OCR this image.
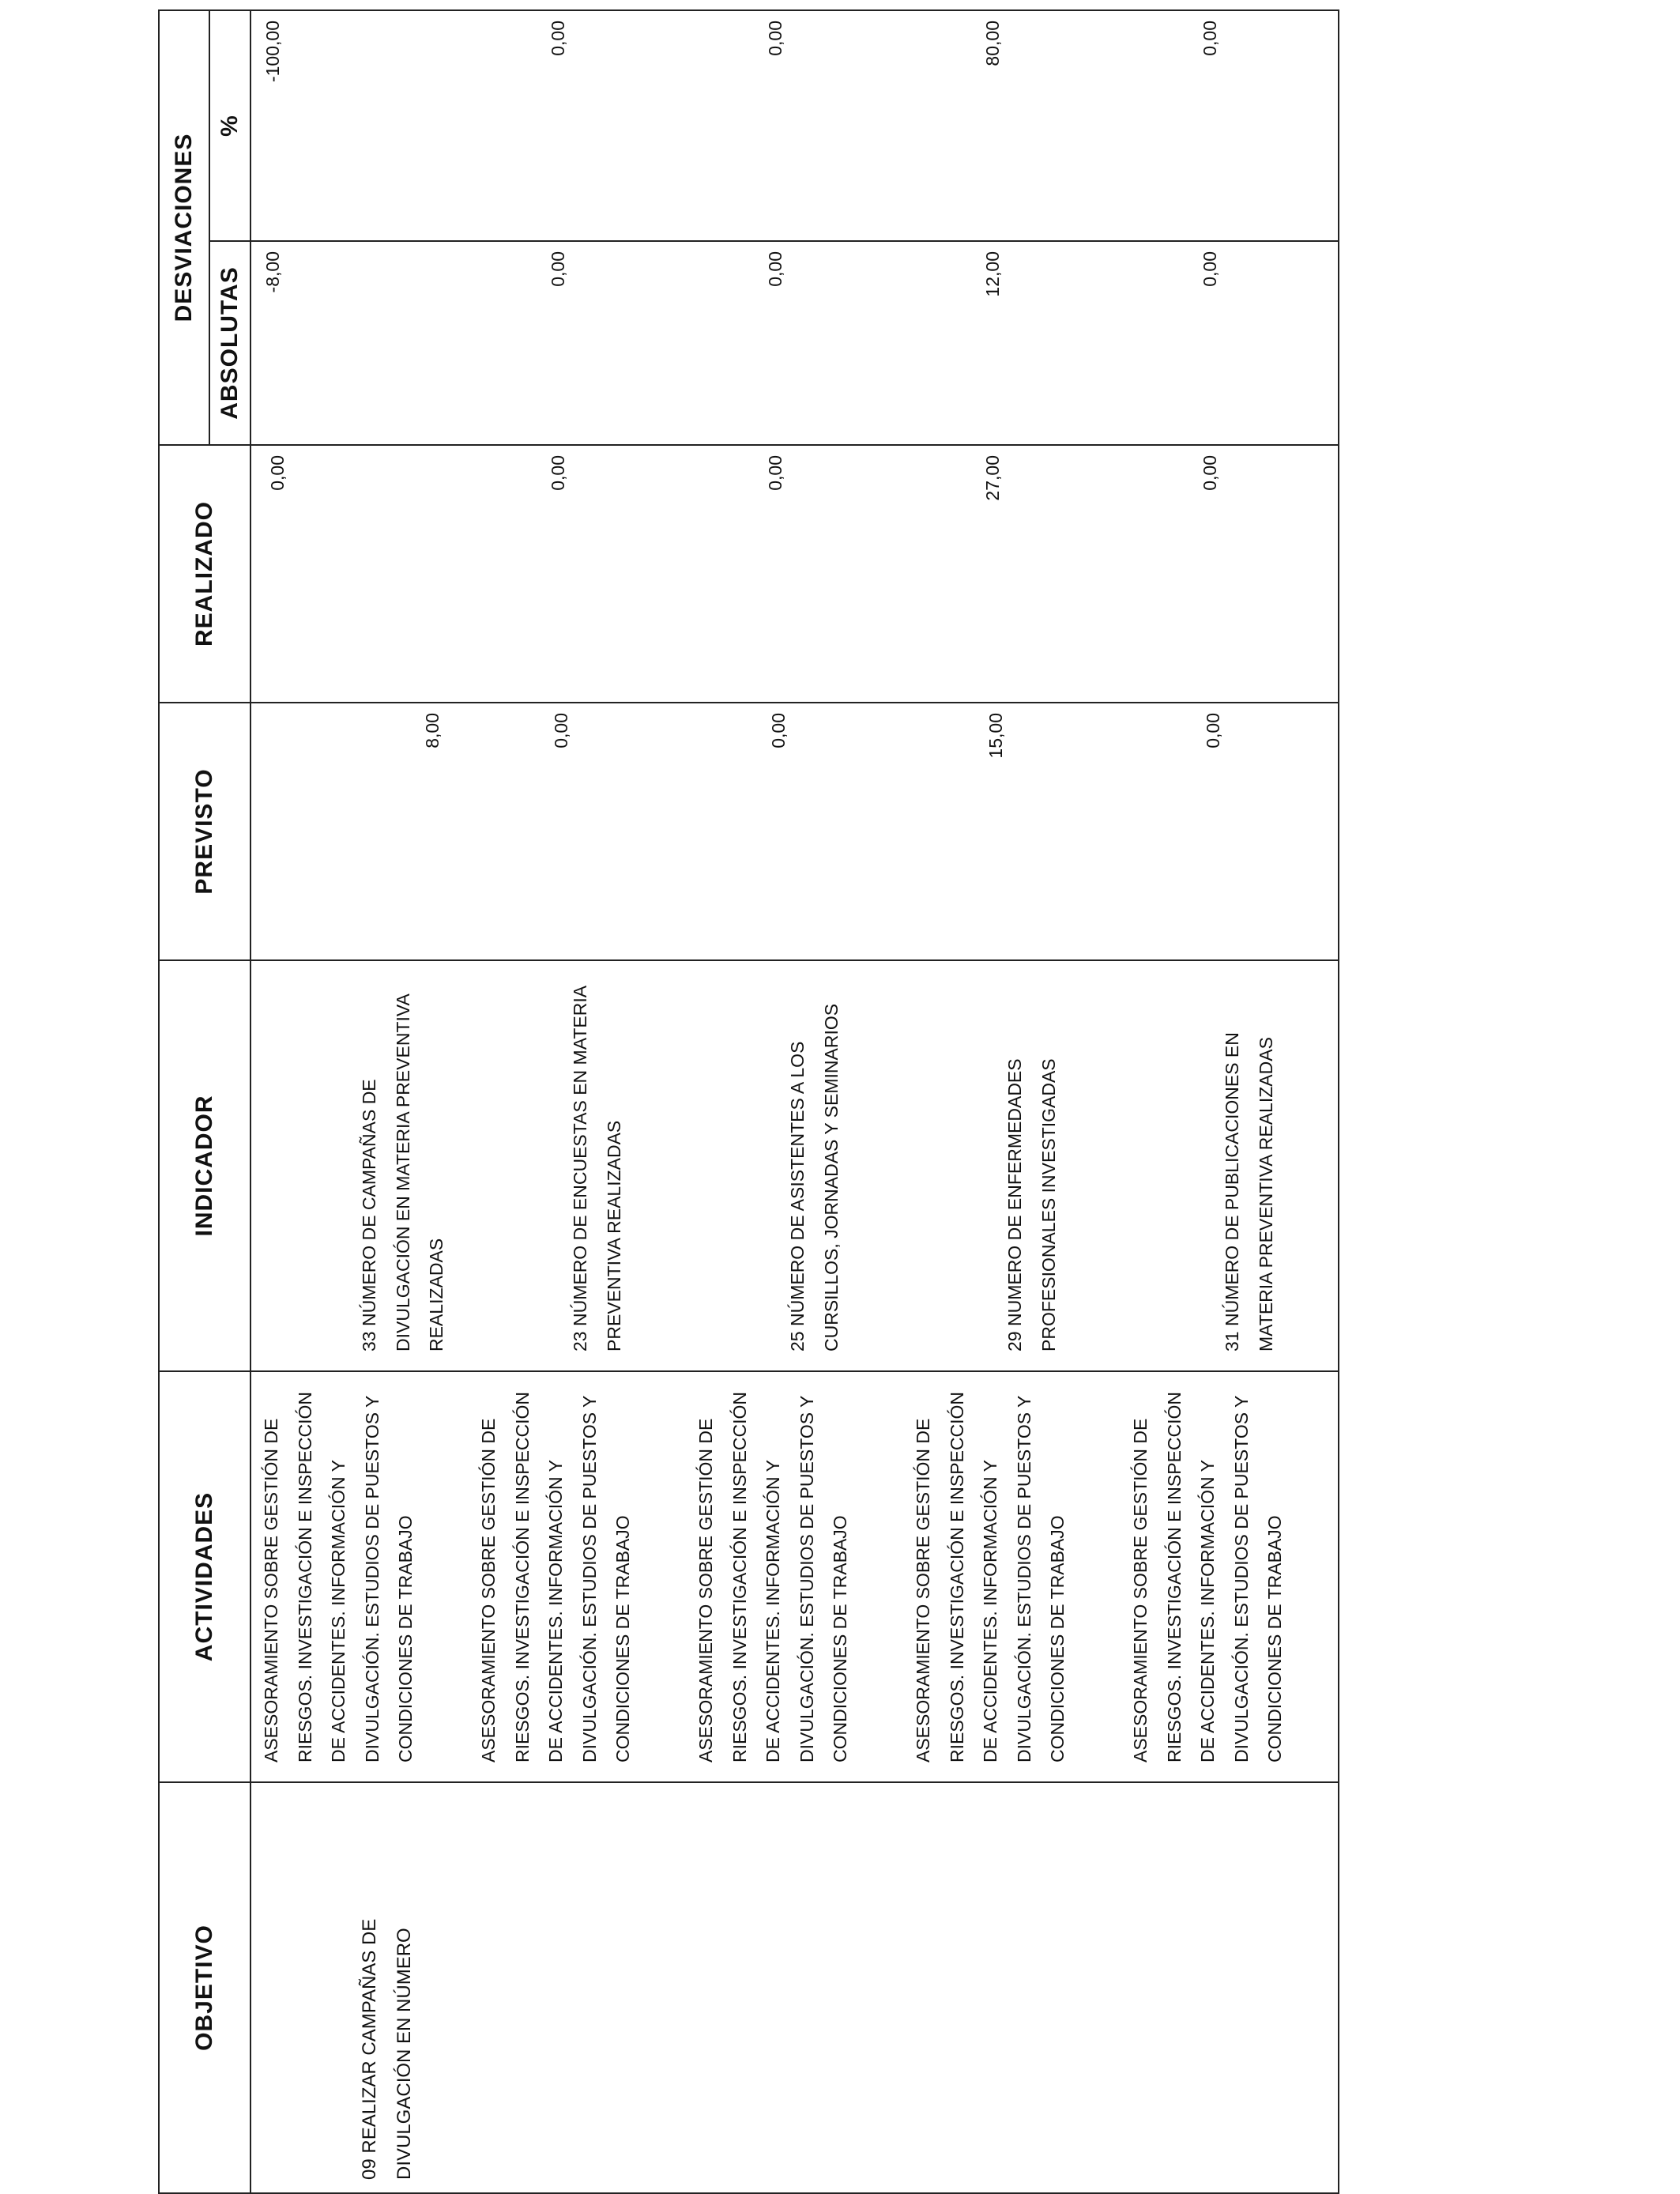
OBJETIVO	ACTIVIDADES	INDICADOR	PREVISTO	REALIZADO	DESVIACIONES	
					ABSOLUTAS	%
09 REALIZAR CAMPAÑAS DE DIVULGACIÓN EN NÚMERO	ASESORAMIENTO SOBRE GESTIÓN DE RIESGOS. INVESTIGACIÓN E INSPECCIÓN DE ACCIDENTES. INFORMACIÓN Y DIVULGACIÓN. ESTUDIOS DE PUESTOS Y CONDICIONES DE TRABAJO	33 NÚMERO DE CAMPAÑAS DE DIVULGACIÓN EN MATERIA PREVENTIVA REALIZADAS	8,00	0,00	-8,00	-100,00

	ASESORAMIENTO SOBRE GESTIÓN DE RIESGOS. INVESTIGACIÓN E INSPECCIÓN DE ACCIDENTES. INFORMACIÓN Y DIVULGACIÓN. ESTUDIOS DE PUESTOS Y CONDICIONES DE TRABAJO	23 NÚMERO DE ENCUESTAS EN MATERIA PREVENTIVA REALIZADAS	0,00	0,00	0,00	0,00

	ASESORAMIENTO SOBRE GESTIÓN DE RIESGOS. INVESTIGACIÓN E INSPECCIÓN DE ACCIDENTES. INFORMACIÓN Y DIVULGACIÓN. ESTUDIOS DE PUESTOS Y CONDICIONES DE TRABAJO	25 NÚMERO DE ASISTENTES A LOS CURSILLOS, JORNADAS Y SEMINARIOS	0,00	0,00	0,00	0,00

	ASESORAMIENTO SOBRE GESTIÓN DE RIESGOS. INVESTIGACIÓN E INSPECCIÓN DE ACCIDENTES. INFORMACIÓN Y DIVULGACIÓN. ESTUDIOS DE PUESTOS Y CONDICIONES DE TRABAJO	29 NUMERO DE ENFERMEDADES PROFESIONALES INVESTIGADAS	15,00	27,00	12,00	80,00

	ASESORAMIENTO SOBRE GESTIÓN DE RIESGOS. INVESTIGACIÓN E INSPECCIÓN DE ACCIDENTES. INFORMACIÓN Y DIVULGACIÓN. ESTUDIOS DE PUESTOS Y CONDICIONES DE TRABAJO	31 NÚMERO DE PUBLICACIONES EN MATERIA PREVENTIVA REALIZADAS	0,00	0,00	0,00	0,00
